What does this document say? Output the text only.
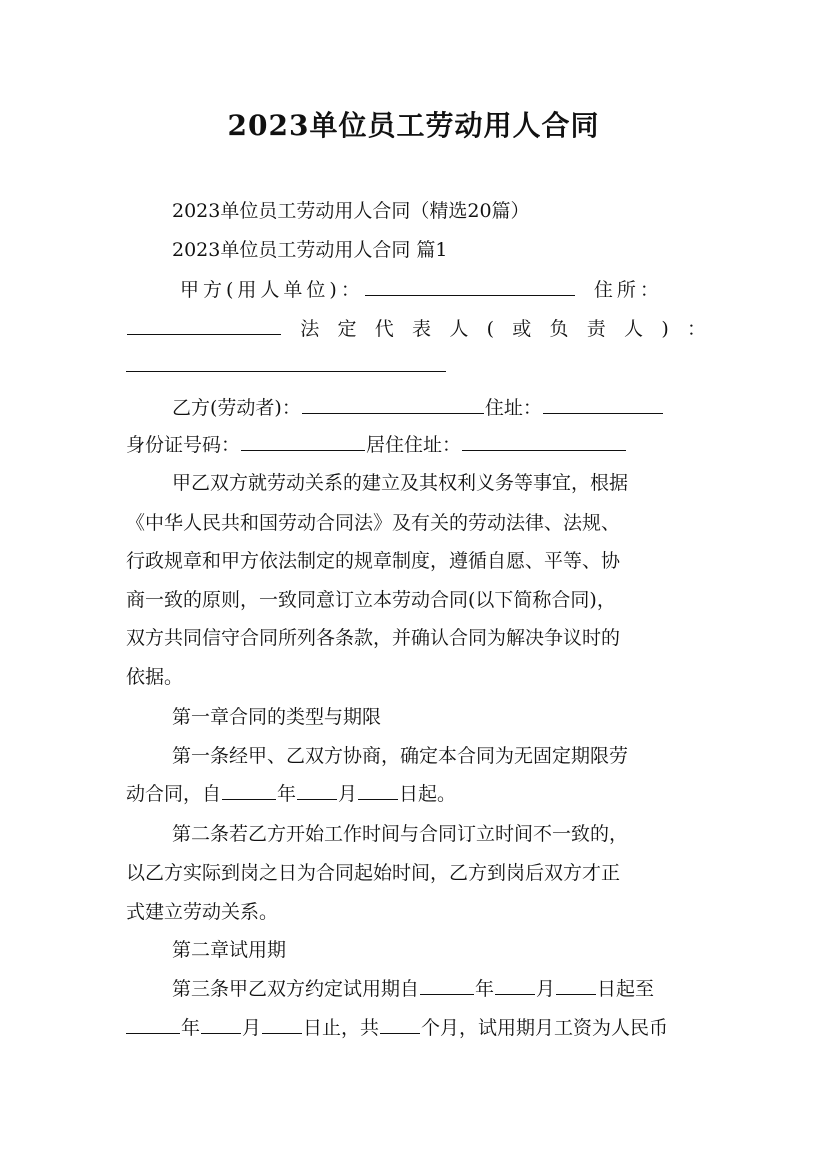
2023单位员工劳动用人合同
2023单位员工劳动用人合同（精选20篇）
2023单位员工劳动用人合同 篇1
甲方(用人单位)：	住所：
法 定 代 表 人 ( 或 负 责 人 ) ：
乙方(劳动者)：	住址：
身份证号码：	居住住址：
甲乙双方就劳动关系的建立及其权利义务等事宜，根据
《中华人民共和国劳动合同法》及有关的劳动法律、法规、
行政规章和甲方依法制定的规章制度，遵循自愿、平等、协
商一致的原则，一致同意订立本劳动合同(以下简称合同)，
双方共同信守合同所列各条款，并确认合同为解决争议时的
依据。
第一章合同的类型与期限
第一条经甲、乙双方协商，确定本合同为无固定期限劳
动合同，自	年 月 日起。
第二条若乙方开始工作时间与合同订立时间不一致的，
以乙方实际到岗之日为合同起始时间，乙方到岗后双方才正
式建立劳动关系。
第二章试用期
第三条甲乙双方约定试用期自	年 月 日起至
年 月 日止，共 个月，试用期月工资为人民币
